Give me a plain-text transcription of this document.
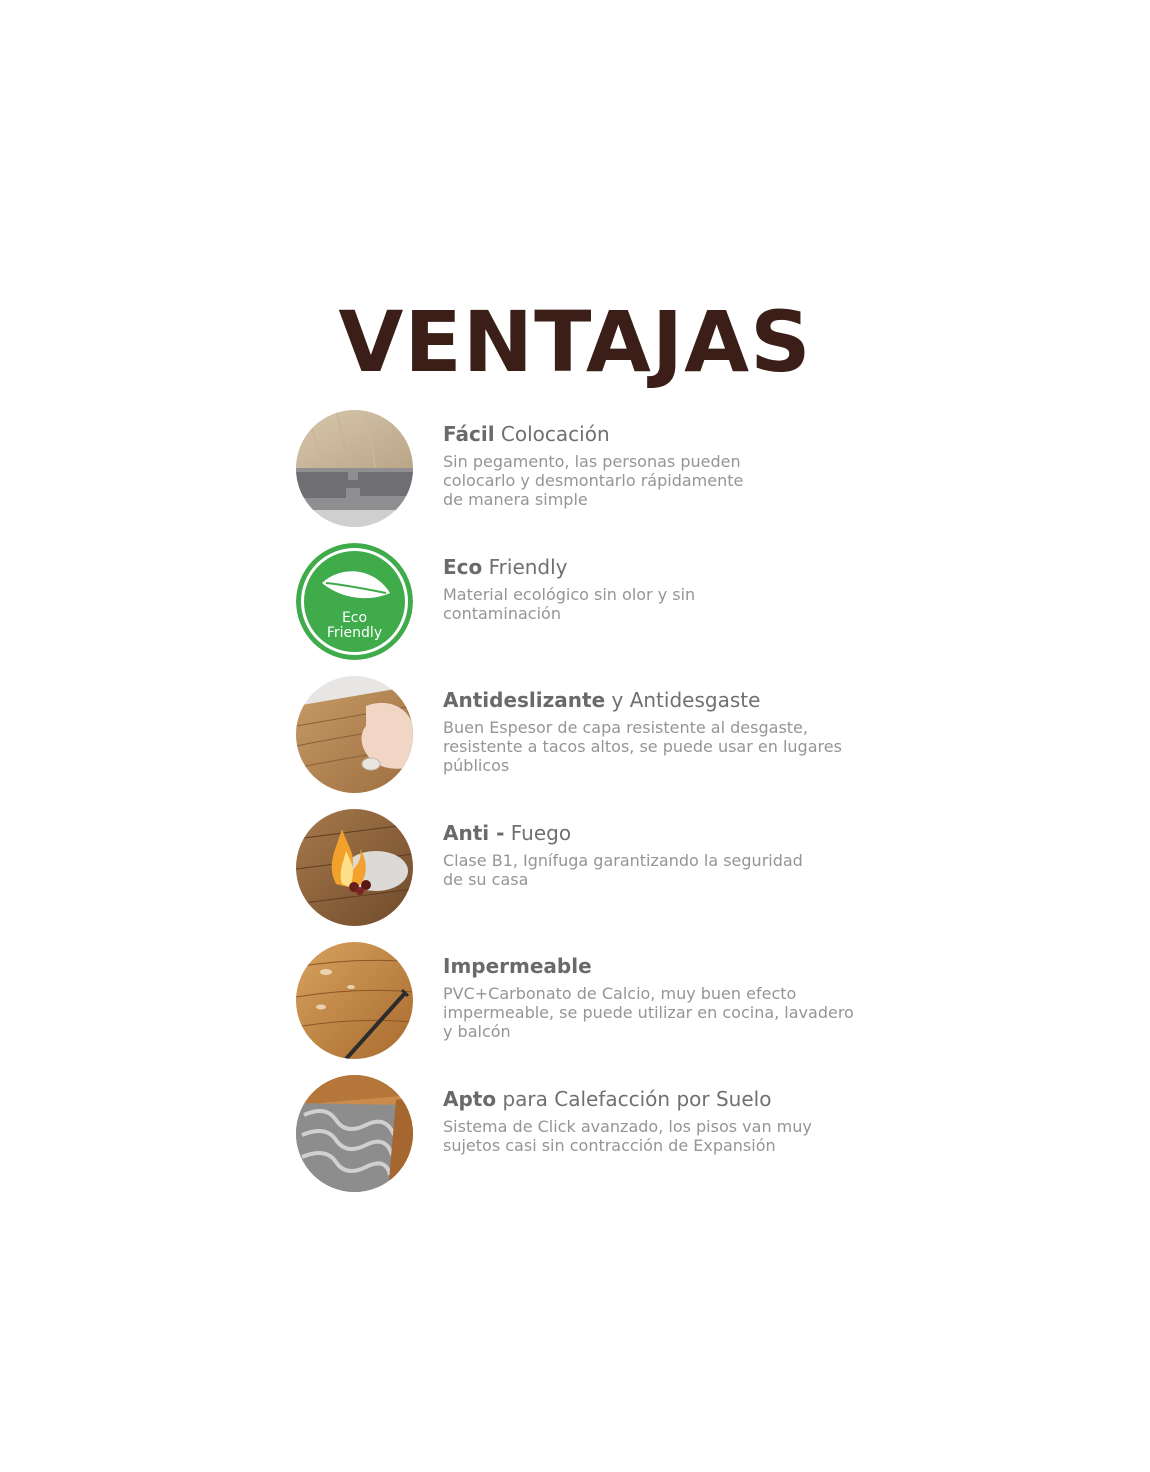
VENTAJAS

Fácil Colocación

Sin pegamento, las personas pueden
colocarlo y desmontarlo rápidamente
de manera simple

Eco
Friendly

Eco Friendly

Material ecológico sin olor y sin
contaminación

Antideslizante y Antidesgaste

Buen Espesor de capa resistente al desgaste,
resistente a tacos altos, se puede usar en lugares
públicos

Anti - Fuego

Clase B1, Ignífuga garantizando la seguridad
de su casa

Impermeable

PVC+Carbonato de Calcio, muy buen efecto
impermeable, se puede utilizar en cocina, lavadero
y balcón

Apto para Calefacción por Suelo

Sistema de Click avanzado, los pisos van muy
sujetos casi sin contracción de Expansión
